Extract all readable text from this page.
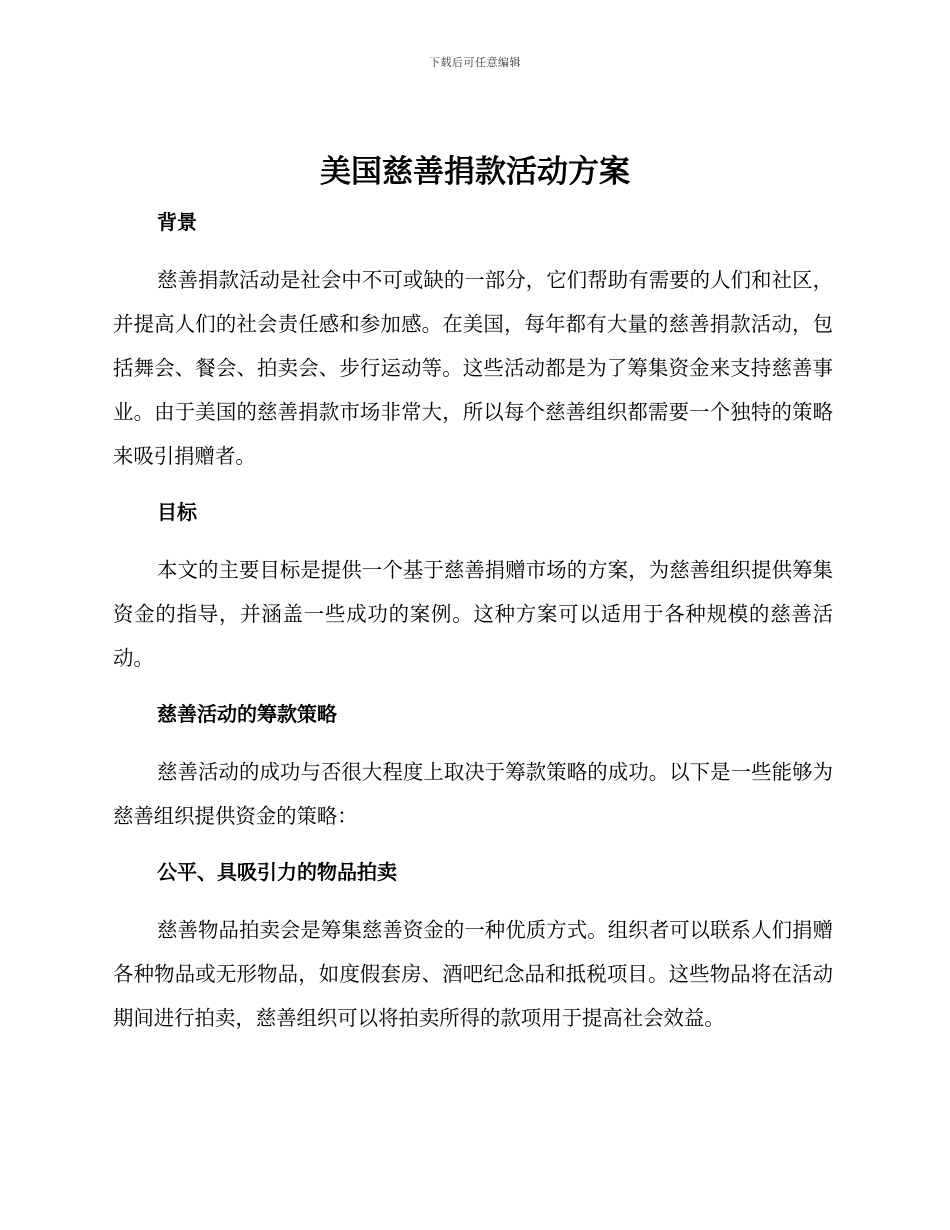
下载后可任意编辑
美国慈善捐款活动方案
背景

慈善捐款活动是社会中不可或缺的一部分，它们帮助有需要的人们和社区，并提高人们的社会责任感和参加感。在美国，每年都有大量的慈善捐款活动，包括舞会、餐会、拍卖会、步行运动等。这些活动都是为了筹集资金来支持慈善事业。由于美国的慈善捐款市场非常大，所以每个慈善组织都需要一个独特的策略来吸引捐赠者。

目标

本文的主要目标是提供一个基于慈善捐赠市场的方案，为慈善组织提供筹集资金的指导，并涵盖一些成功的案例。这种方案可以适用于各种规模的慈善活动。

慈善活动的筹款策略

慈善活动的成功与否很大程度上取决于筹款策略的成功。以下是一些能够为慈善组织提供资金的策略：

公平、具吸引力的物品拍卖

慈善物品拍卖会是筹集慈善资金的一种优质方式。组织者可以联系人们捐赠各种物品或无形物品，如度假套房、酒吧纪念品和抵税项目。这些物品将在活动期间进行拍卖，慈善组织可以将拍卖所得的款项用于提高社会效益。
